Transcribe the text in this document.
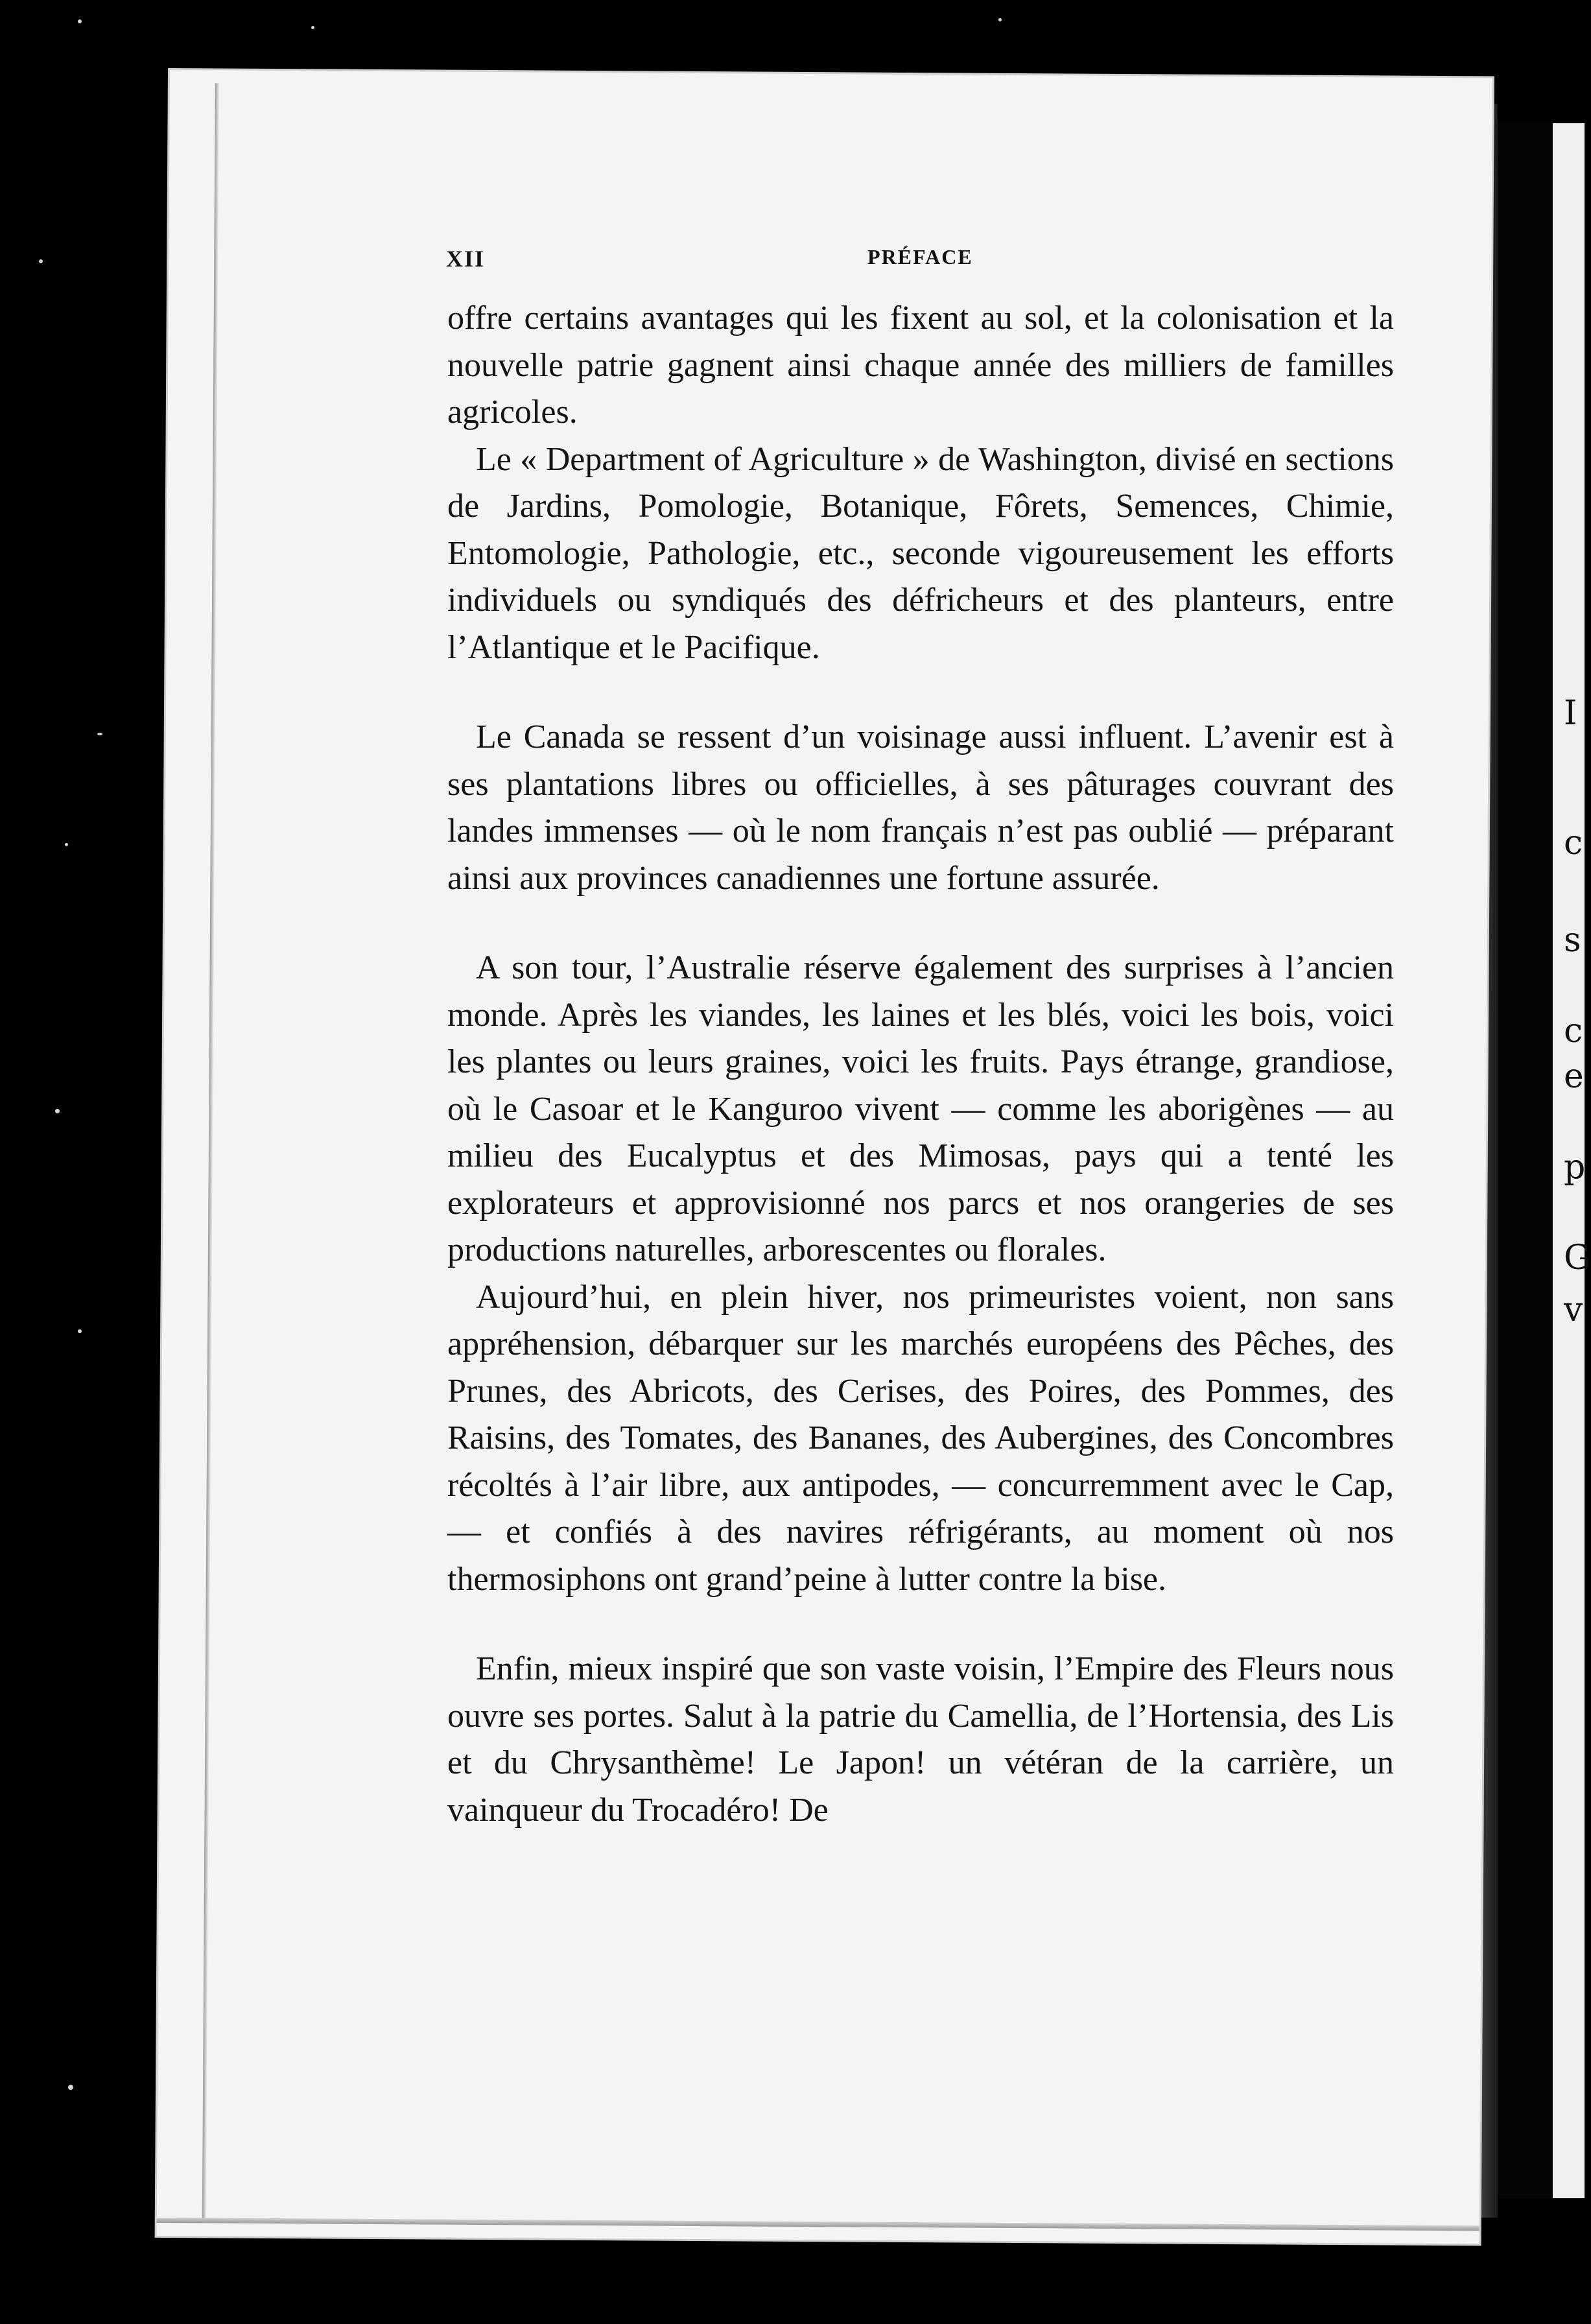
I
c
s
c
e
p
G
v
XII	PRÉFACE

offre certains avantages qui les fixent au sol, et la colonisation et la nouvelle patrie gagnent ainsi chaque année des milliers de familles agricoles.

Le « Department of Agriculture » de Washington, divisé en sections de Jardins, Pomologie, Botanique, Fôrets, Semences, Chimie, Entomologie, Pathologie, etc., seconde vigoureusement les efforts individuels ou syndiqués des défricheurs et des planteurs, entre l’Atlantique et le Pacifique.

Le Canada se ressent d’un voisinage aussi influent. L’avenir est à ses plantations libres ou officielles, à ses pâturages couvrant des landes immenses — où le nom français n’est pas oublié — préparant ainsi aux provinces canadiennes une fortune assurée.

A son tour, l’Australie réserve également des surprises à l’ancien monde. Après les viandes, les laines et les blés, voici les bois, voici les plantes ou leurs graines, voici les fruits. Pays étrange, grandiose, où le Casoar et le Kanguroo vivent — comme les aborigènes — au milieu des Eucalyptus et des Mimosas, pays qui a tenté les explorateurs et approvisionné nos parcs et nos orangeries de ses productions naturelles, arborescentes ou florales.

Aujourd’hui, en plein hiver, nos primeuristes voient, non sans appréhension, débarquer sur les marchés européens des Pêches, des Prunes, des Abricots, des Cerises, des Poires, des Pommes, des Raisins, des Tomates, des Bananes, des Aubergines, des Concombres récoltés à l’air libre, aux antipodes, — concurremment avec le Cap, — et confiés à des navires réfrigérants, au moment où nos thermosiphons ont grand’peine à lutter contre la bise.

Enfin, mieux inspiré que son vaste voisin, l’Empire des Fleurs nous ouvre ses portes. Salut à la patrie du Camellia, de l’Hortensia, des Lis et du Chrysanthème! Le Japon! un vétéran de la carrière, un vainqueur du Trocadéro! De
